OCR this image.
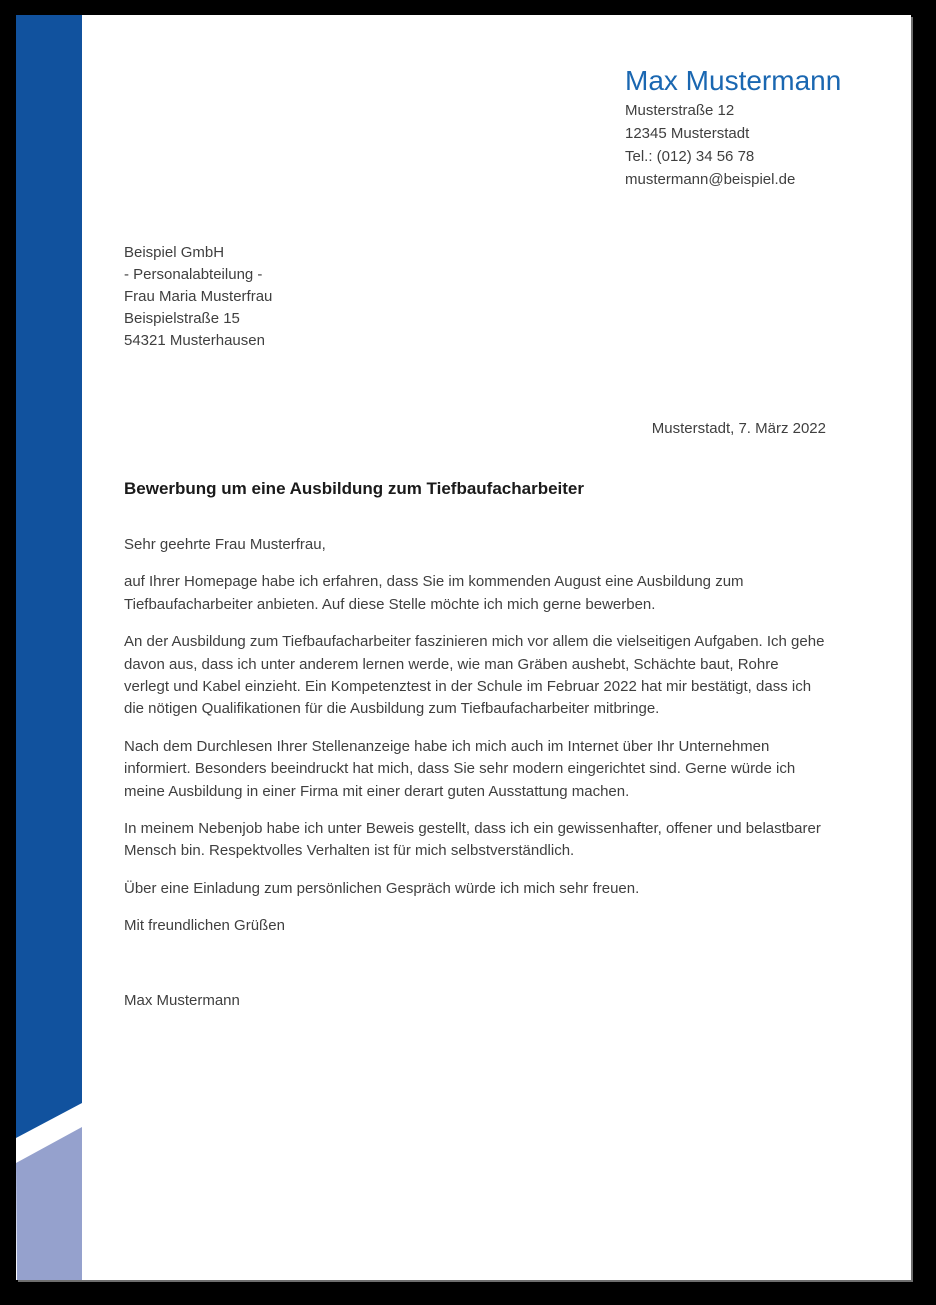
Max Mustermann
Musterstraße 12
12345 Musterstadt
Tel.: (012) 34 56 78
mustermann@beispiel.de
Beispiel GmbH
- Personalabteilung -
Frau Maria Musterfrau
Beispielstraße 15
54321 Musterhausen
Musterstadt, 7. März 2022
Bewerbung um eine Ausbildung zum Tiefbaufacharbeiter

Sehr geehrte Frau Musterfrau,

auf Ihrer Homepage habe ich erfahren, dass Sie im kommenden August eine Ausbildung zum Tiefbaufacharbeiter anbieten. Auf diese Stelle möchte ich mich gerne bewerben.

An der Ausbildung zum Tiefbaufacharbeiter faszinieren mich vor allem die vielseitigen Aufgaben. Ich gehe davon aus, dass ich unter anderem lernen werde, wie man Gräben aushebt, Schächte baut, Rohre verlegt und Kabel einzieht. Ein Kompetenztest in der Schule im Februar 2022 hat mir bestätigt, dass ich die nötigen Qualifikationen für die Ausbildung zum Tiefbaufacharbeiter mitbringe.

Nach dem Durchlesen Ihrer Stellenanzeige habe ich mich auch im Internet über Ihr Unternehmen informiert. Besonders beeindruckt hat mich, dass Sie sehr modern eingerichtet sind. Gerne würde ich meine Ausbildung in einer Firma mit einer derart guten Ausstattung machen.

In meinem Nebenjob habe ich unter Beweis gestellt, dass ich ein gewissenhafter, offener und belastbarer Mensch bin. Respektvolles Verhalten ist für mich selbstverständlich.

Über eine Einladung zum persönlichen Gespräch würde ich mich sehr freuen.

Mit freundlichen Grüßen

Max Mustermann
